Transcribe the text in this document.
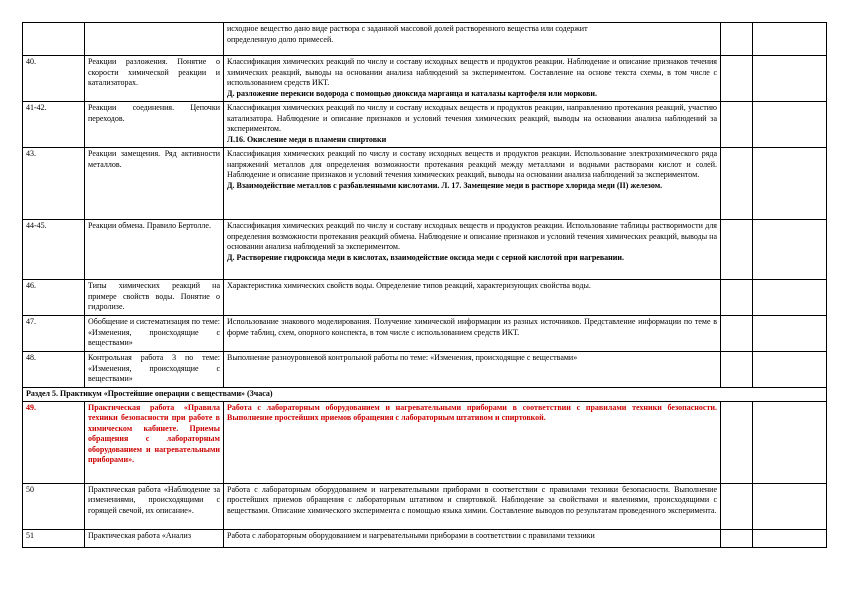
		исходное вещество дано виде раствора с заданной массовой долей растворенного вещества или содержит
определенную долю примесей.		

40.	Реакции разложения. Понятие о скорости химической реакции и катализаторах.	Классификация химических реакций по числу и составу исходных веществ и продуктов реакции. Наблюдение и описание признаков течения химических реакций, выводы на основании анализа наблюдений за экспериментом. Составление на основе текста схемы, в том числе с использованием средств ИКТ.
Д. разложение перекиси водорода с помощью диоксида марганца и каталазы картофеля или моркови.		

41-42.	Реакции соединения. Цепочки переходов.	Классификация химических реакций по числу и составу исходных веществ и продуктов реакции, направлению протекания реакций, участию катализатора. Наблюдение и описание признаков и условий течения химических реакций, выводы на основании анализа наблюдений за экспериментом.
Л.16. Окисление меди в пламени спиртовки		

43.	Реакции замещения. Ряд активности металлов.	Классификация химических реакций по числу и составу исходных веществ и продуктов реакции. Использование электрохимического ряда напряжений металлов для определения возможности протекания реакций между металлами и водными растворами кислот и солей. Наблюдение и описание признаков и условий течения химических реакций, выводы на основании анализа наблюдений за экспериментом.
Д. Взаимодействие металлов с разбавленными кислотами. Л. 17. Замещение меди в растворе хлорида меди (II) железом.		

44-45.	Реакции обмена. Правило Бертолле.	Классификация химических реакций по числу и составу исходных веществ и продуктов реакции. Использование таблицы растворимости для определения возможности протекания реакций обмена. Наблюдение и описание признаков и условий течения химических реакций, выводы на основании анализа наблюдений за экспериментом.
Д. Растворение гидроксида меди в кислотах, взаимодействие оксида меди с серной кислотой при нагревании.		

46.	Типы химических реакций на примере свойств воды. Понятие о гидролизе.	Характеристика химических свойств воды. Определение типов реакций, характеризующих свойства воды.		
47.	Обобщение и систематизация по теме: «Изменения, происходящие с веществами»	Использование знакового моделирования. Получение химической информации из разных источников. Представление информации по теме в форме таблиц, схем, опорного конспекта, в том числе с использованием средств ИКТ.		
48.	Контрольная работа 3 по теме: «Изменения, происходящие с веществами»	Выполнение разноуровневой контрольной работы по теме: «Изменения, происходящие с веществами»		
Раздел 5. Практикум «Простейшие операции с веществами» (3часа)				
49.	Практическая работа «Правила техники безопасности при работе в химическом кабинете. Приемы обращения с лабораторным оборудованием и нагревательными приборами».	Работа с лабораторным оборудованием и нагревательными приборами в соответствии с правилами техники безопасности. Выполнение простейших приемов обращения с лабораторным штативом и спиртовкой.		
50	Практическая работа «Наблюдение за изменениями, происходящими с горящей свечой, их описание».	Работа с лабораторным оборудованием и нагревательными приборами в соответствии с правилами техники безопасности. Выполнение простейших приемов обращения с лабораторным штативом и спиртовкой. Наблюдение за свойствами и явлениями, происходящими с веществами. Описание химического эксперимента с помощью языка химии. Составление выводов по результатам проведенного эксперимента.		
51	Практическая работа «Анализ	Работа с лабораторным оборудованием и нагревательными приборами в соответствии с правилами техники		
